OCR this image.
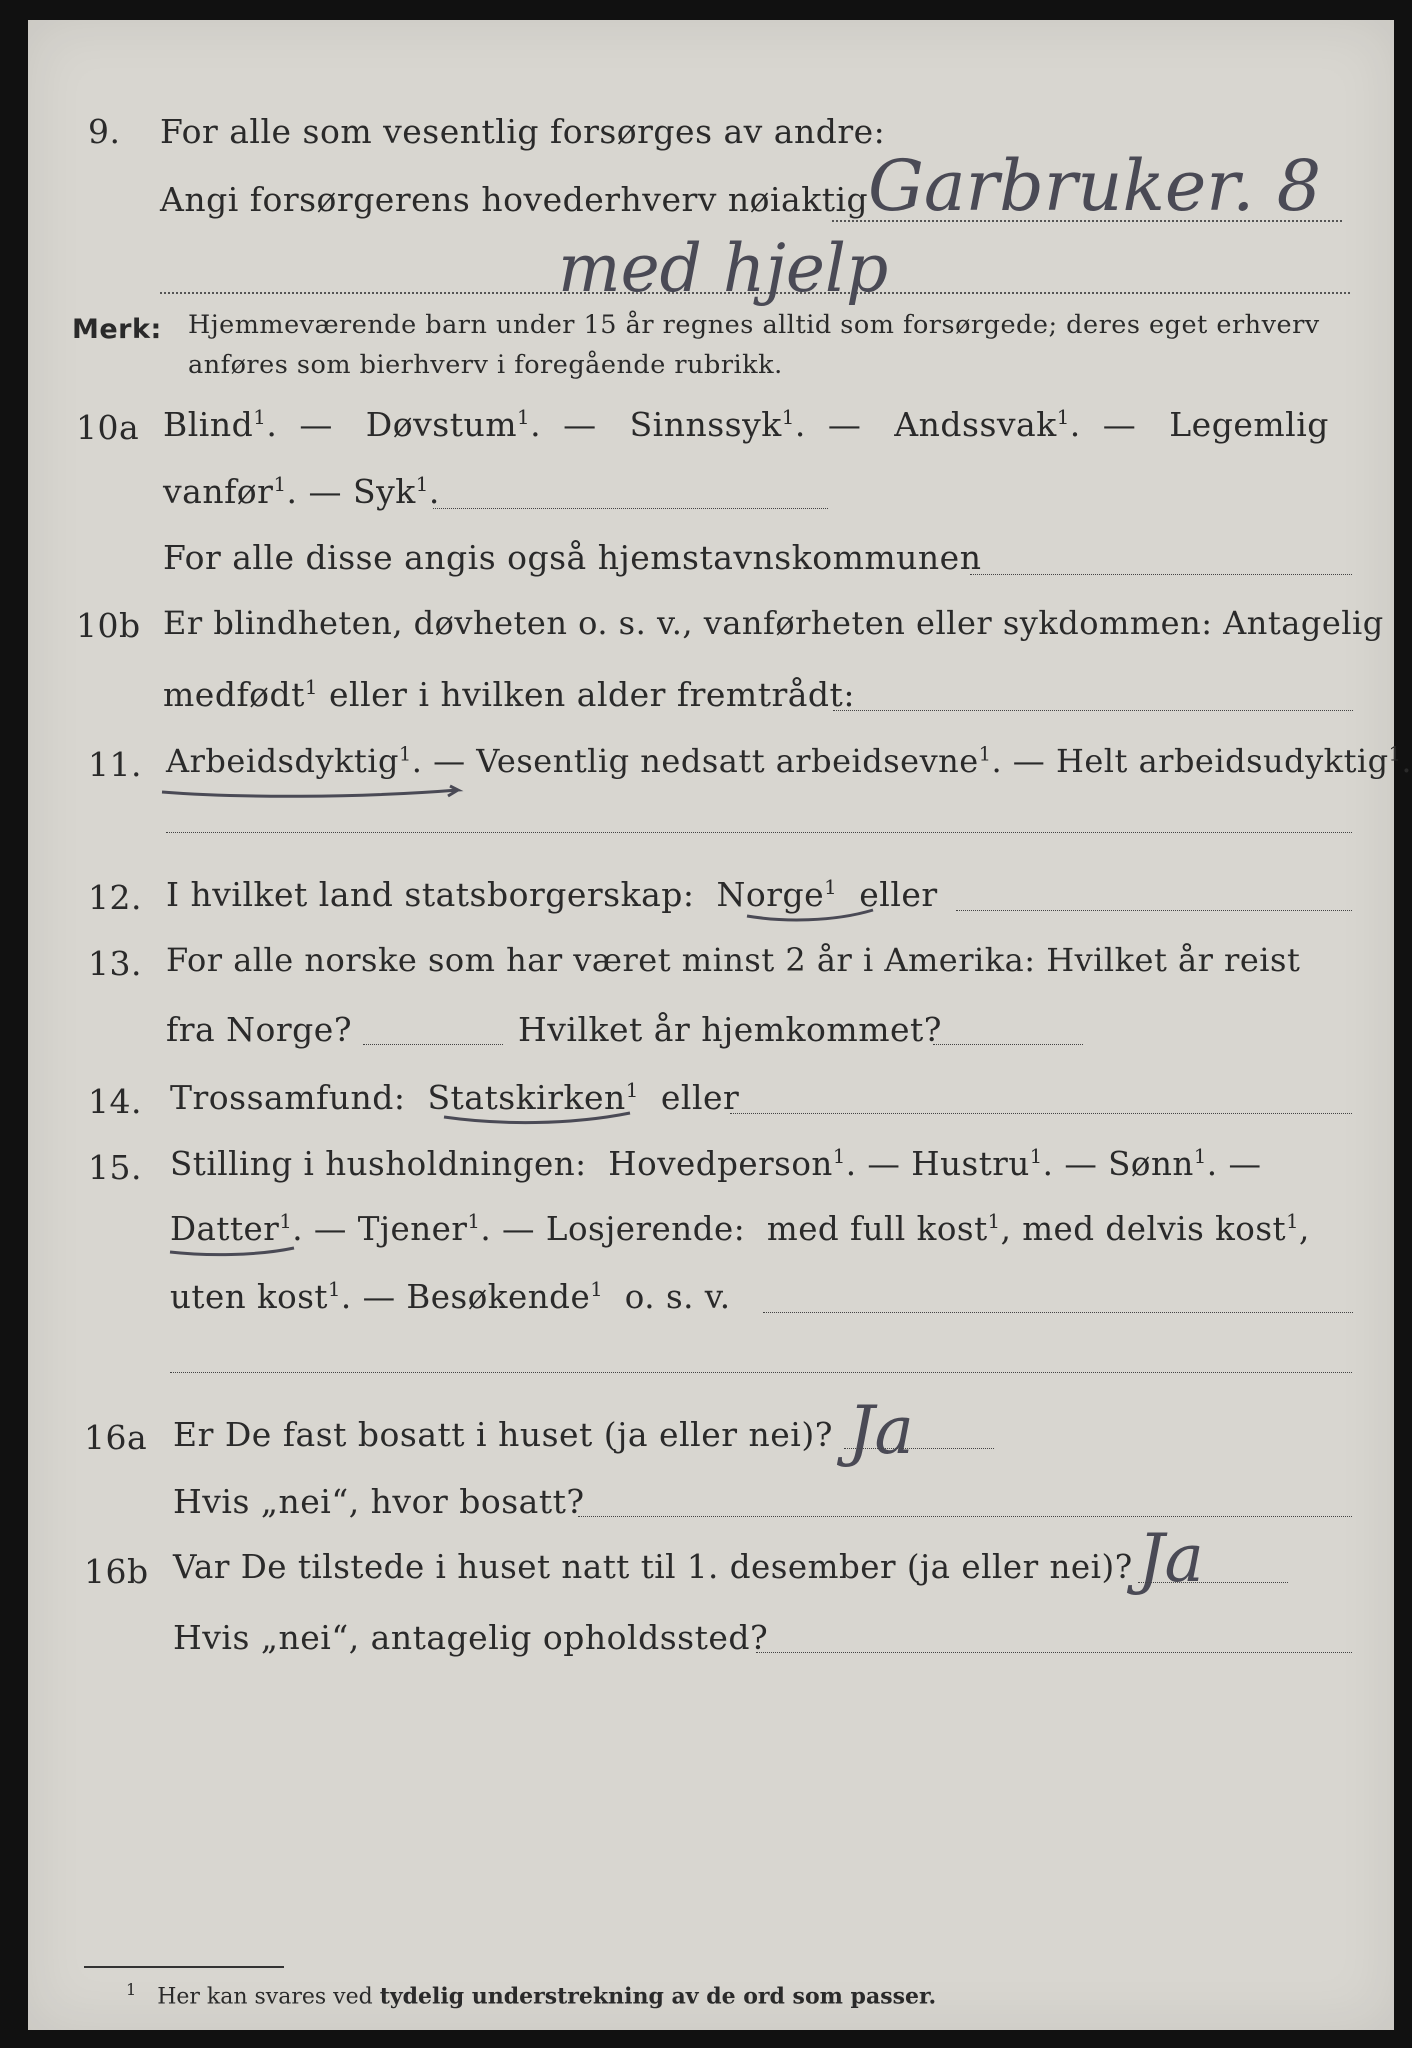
9. For alle som vesentlig forsørges av andre:
Angi forsørgerens hovederhverv nøiaktig Garbruker. 8
med hjelp
Merk: Hjemmeværende barn under 15 år regnes alltid som forsørgede; deres eget erhverv
anføres som bierhverv i foregående rubrikk.
10a Blind$^1$.  —   Døvstum$^1$.  —   Sinnssyk$^1$.  —   Andssvak$^1$.  —   Legemlig
vanfør$^1$. — Syk$^1$.
For alle disse angis også hjemstavnskommunen
10b Er blindheten, døvheten o. s. v., vanførheten eller sykdommen: Antagelig
medfødt$^1$ eller i hvilken alder fremtrådt:
11. Arbeidsdyktig$^1$. — Vesentlig nedsatt arbeidsevne$^1$. — Helt arbeidsudyktig$^1$.
12. I hvilket land statsborgerskap: Norge$^1$ eller
13. For alle norske som har været minst 2 år i Amerika: Hvilket år reist
fra Norge?	Hvilket år hjemkommet?
14. Trossamfund: Statskirken$^1$ eller
15. Stilling i husholdningen: Hovedperson$^1$. — Hustru$^1$. — Sønn$^1$. —
Datter$^1$. — Tjener$^1$. — Losjerende: med full kost$^1$, med delvis kost$^1$,
uten kost$^1$. — Besøkende$^1$ o. s. v.
16a Er De fast bosatt i huset (ja eller nei)? Ja
Hvis „nei“, hvor bosatt?
16b Var De tilstede i huset natt til 1. desember (ja eller nei)? Ja
Hvis „nei“, antagelig opholdssted?
$^1$ Her kan svares ved tydelig understrekning av de ord som passer.
